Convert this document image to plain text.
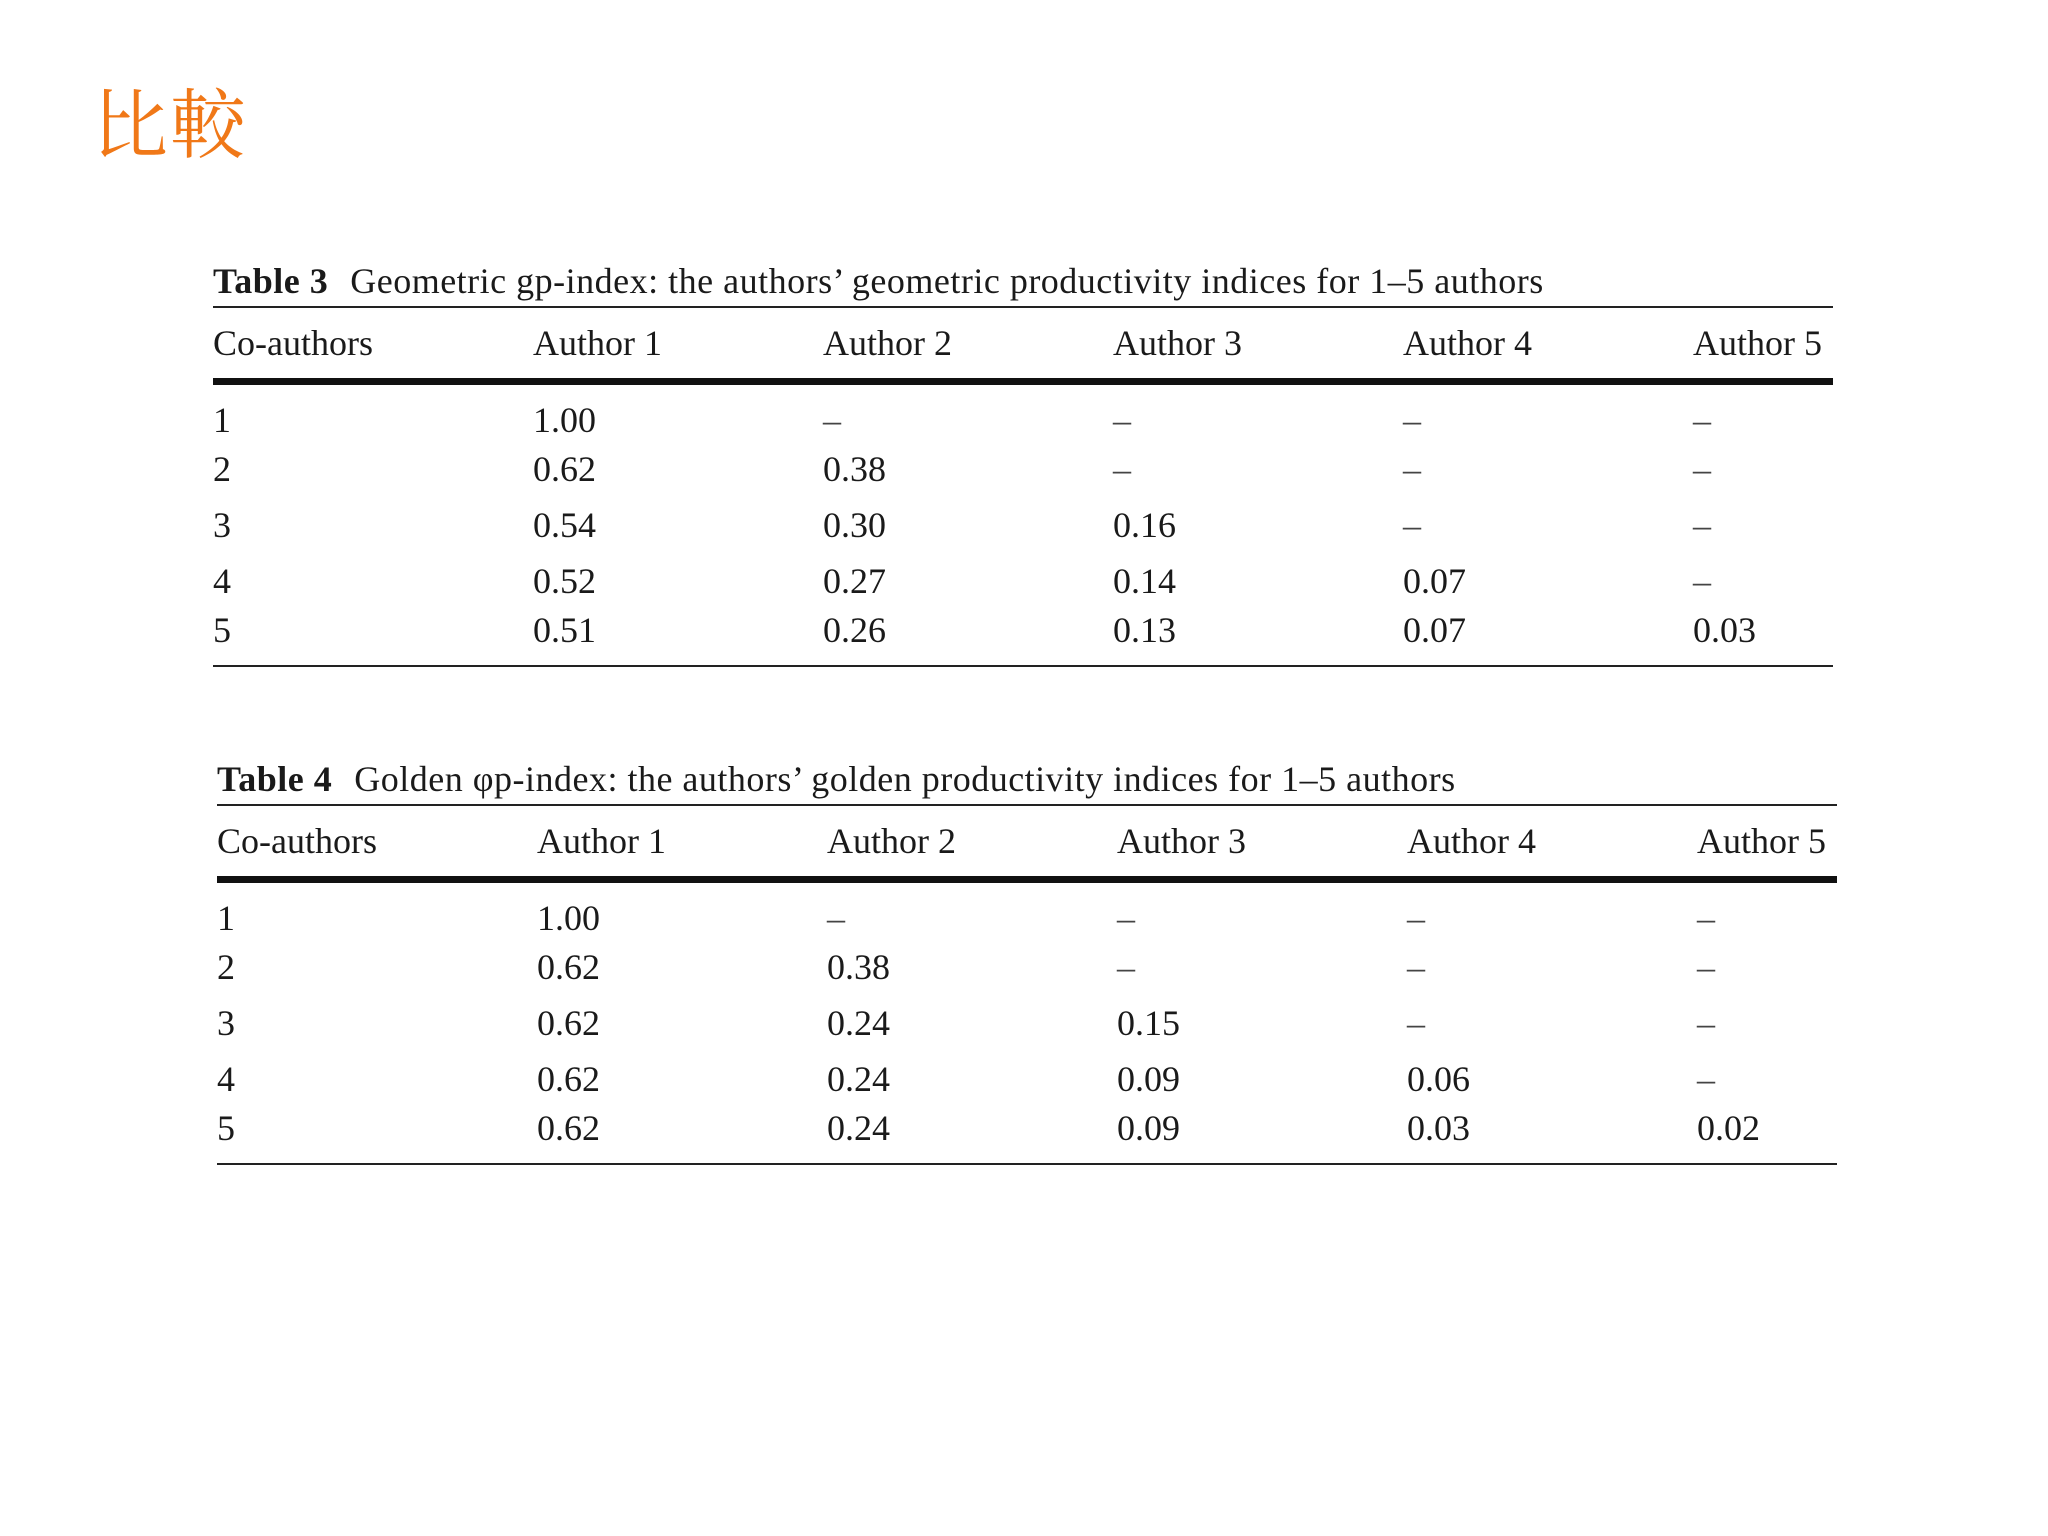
比較
Table 3 Geometric gp-index: the authors’ geometric productivity indices for 1–5 authors
Co-authors	Author 1	Author 2	Author 3	Author 4	Author 5
1	1.00	–	–	–	–
2	0.62	0.38	–	–	–
3	0.54	0.30	0.16	–	–
4	0.52	0.27	0.14	0.07	–
5	0.51	0.26	0.13	0.07	0.03
Table 4 Golden φp-index: the authors’ golden productivity indices for 1–5 authors
Co-authors	Author 1	Author 2	Author 3	Author 4	Author 5
1	1.00	–	–	–	–
2	0.62	0.38	–	–	–
3	0.62	0.24	0.15	–	–
4	0.62	0.24	0.09	0.06	–
5	0.62	0.24	0.09	0.03	0.02
